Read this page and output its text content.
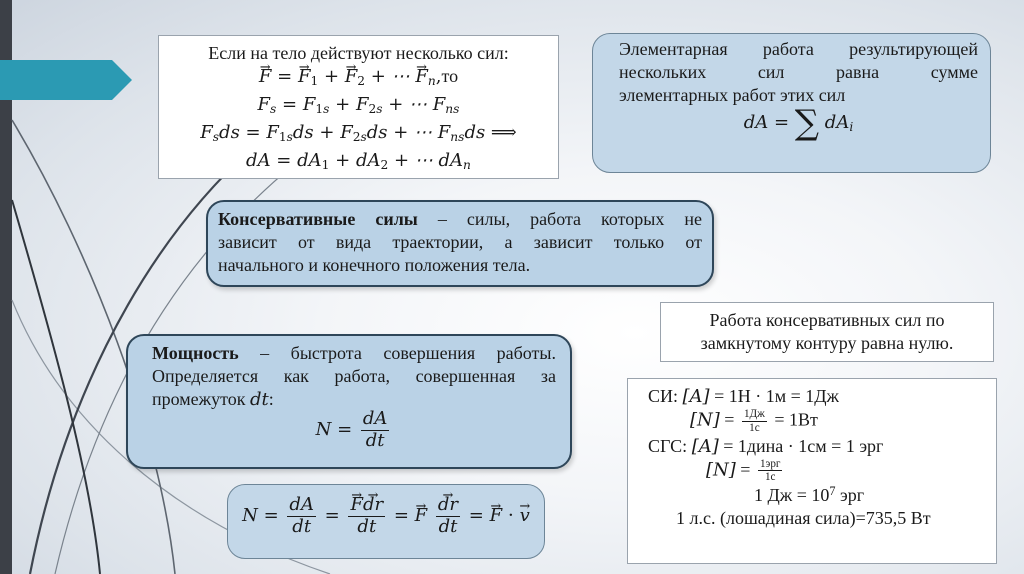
Если на тело действуют несколько сил:
→ F = → $F_1$ + → $F_2$ + ⋯ → $F_n,то$
$F_s = F_{1s} + F_{2s}$ + ⋯ $F_{ns}$
$F_sds = F_{1s}ds + F_{2s}ds$ + ⋯ $F_{ns}ds$ ⟹
dA = $dA_1 + dA_2$ + ⋯ $dA_n$
Элементарная работа результирующей
нескольких	сил	равна	сумме
элементарных работ этих сил
dA = ∑ $dA_i$
Консервативные силы – силы, работа которых не
зависит от вида траектории, а зависит только от
начального и конечного положения тела.
Работа консервативных сил по
замкнутому контуру равна нулю.
Мощность – быстрота совершения работы.
Определяется как работа, совершенная за
промежуток dt:
$N = \frac{dA}{dt}$
$N = \frac{dA}{dt}$ =
→ $\frac{F\to dr}{dt}$ = → F
→ $\frac{dr}{dt}$ = → F ⋅ → v
СИ: [A] = 1Н · 1м = 1Дж
$[N] = \frac{1Дж}{1с} = 1Вт$
СГС: [A] = 1дина · 1см = 1 эрг
$[N] = \frac{\text{1эрг}}{1с}$
1 Дж = $10^7$ эрг
1 л.с. (лошадиная сила)=735,5 Вт
